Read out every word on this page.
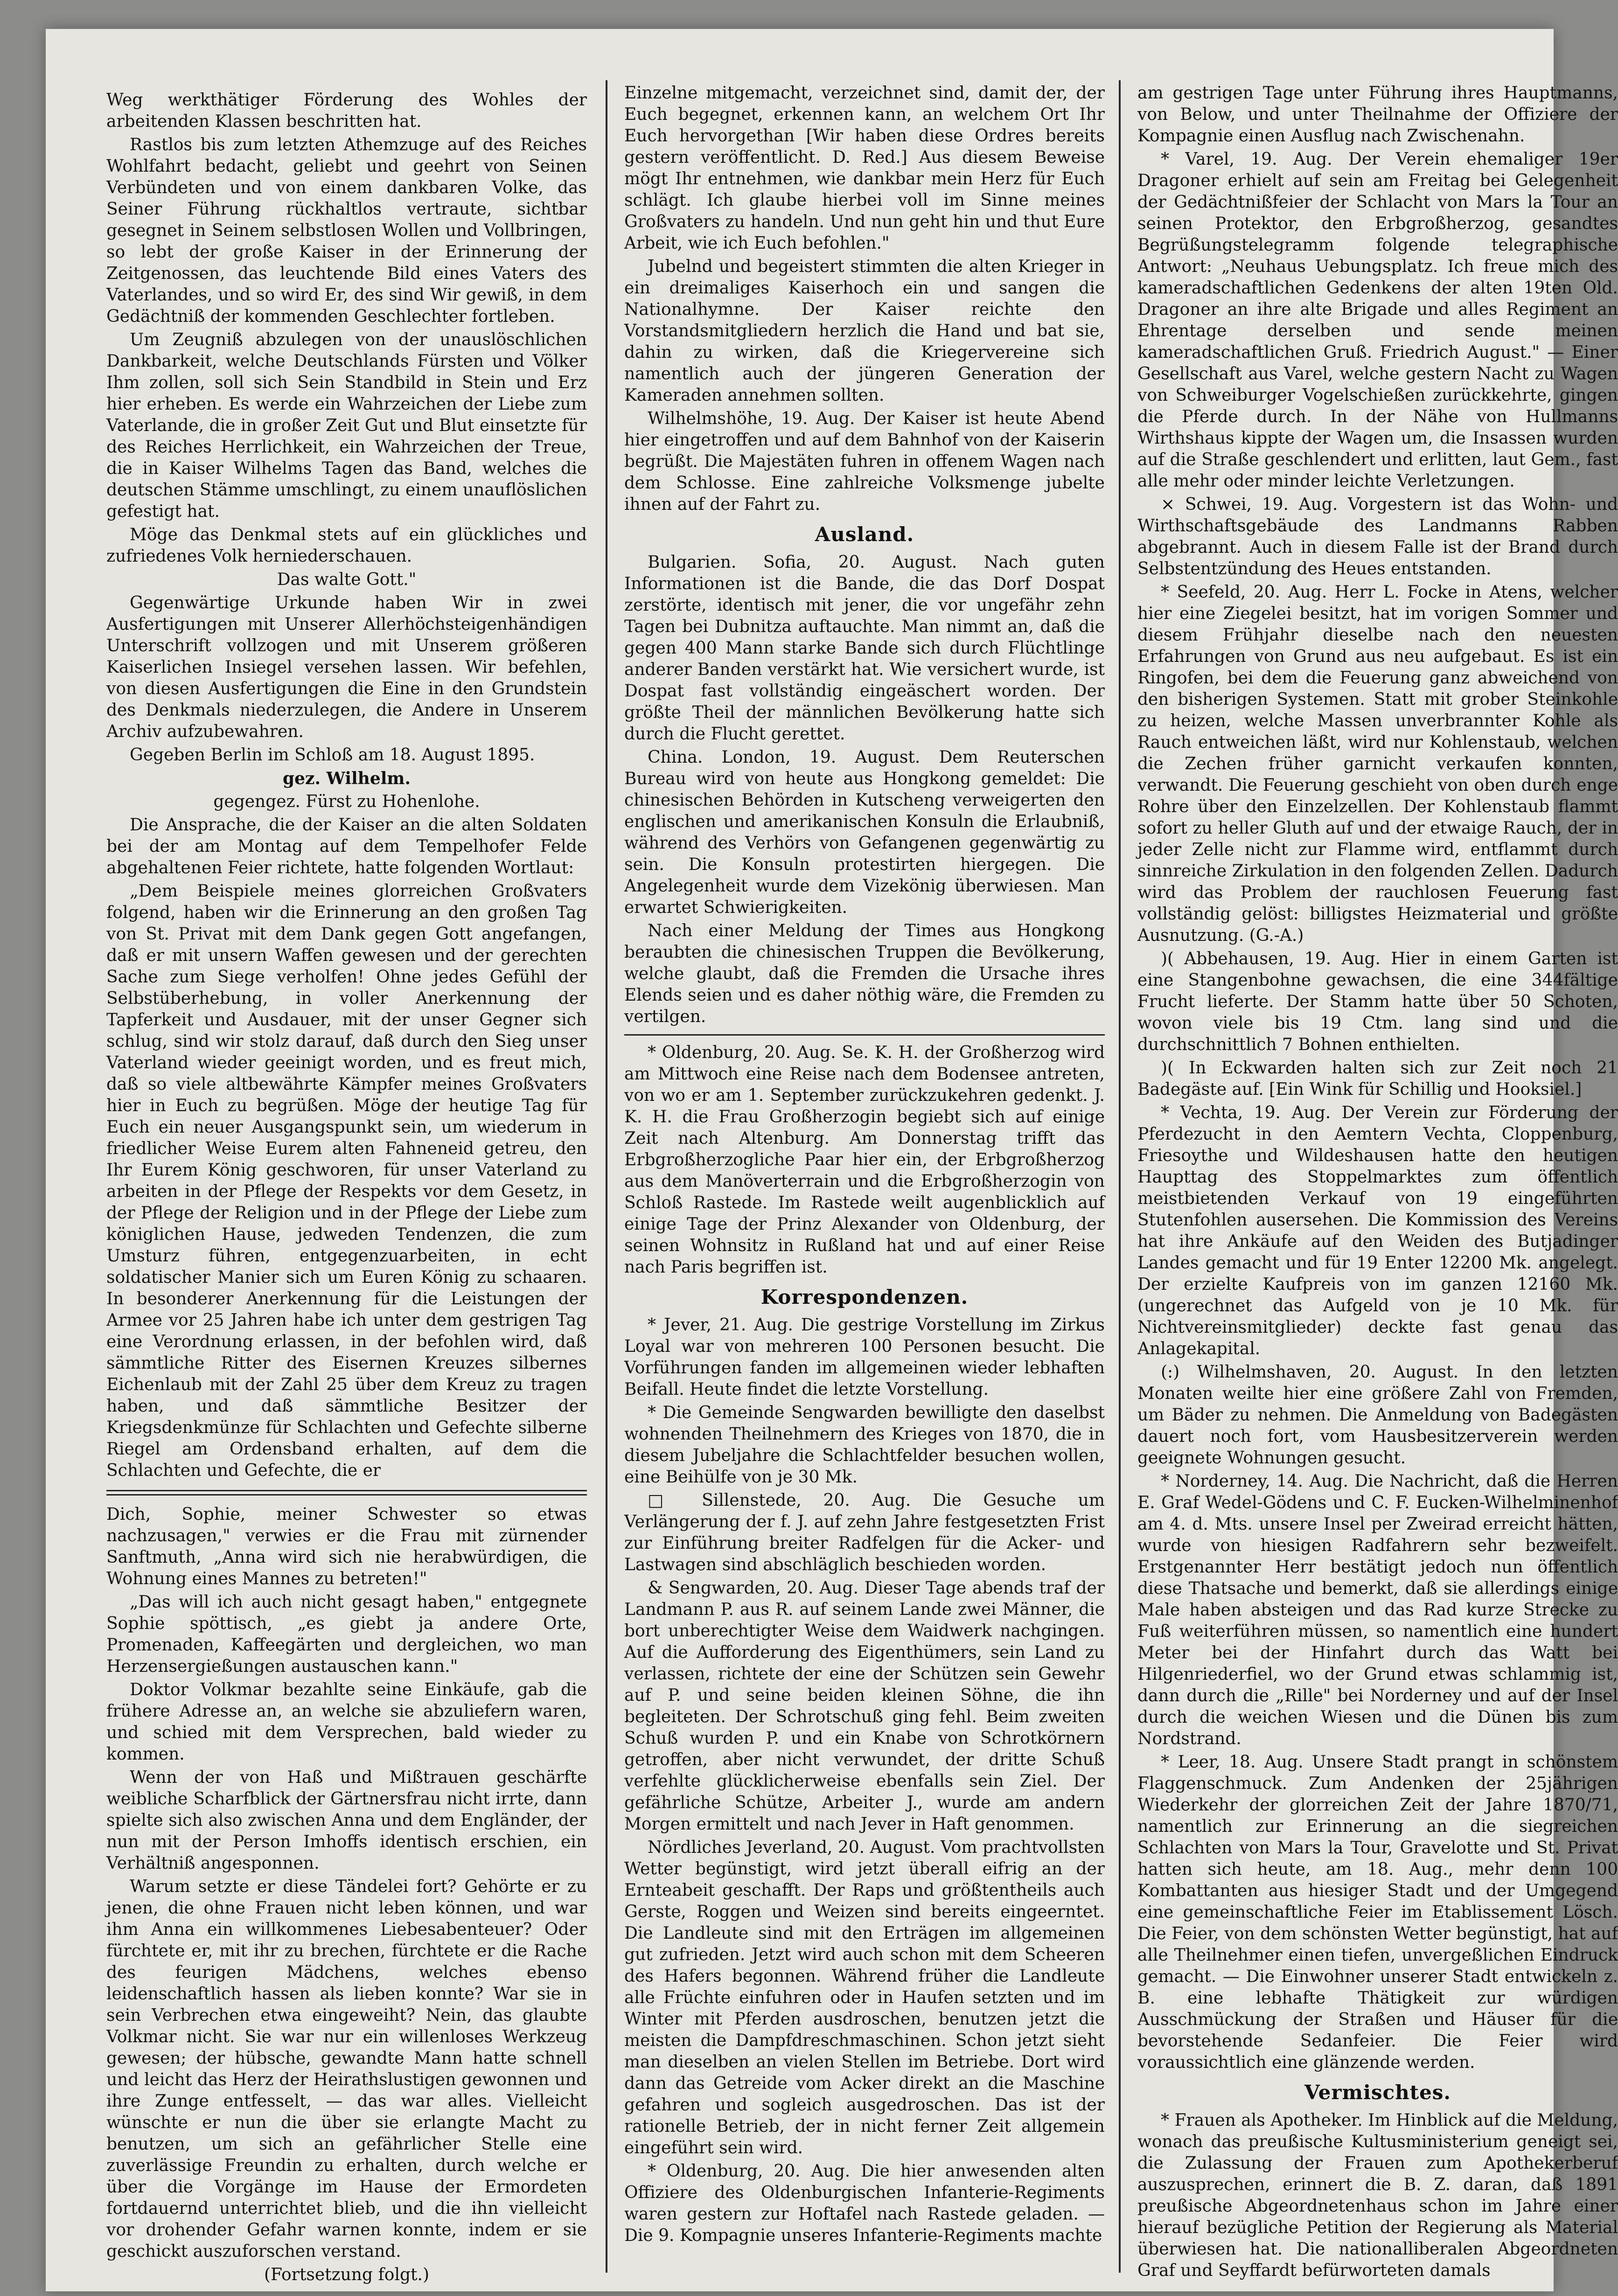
Weg werkthätiger Förderung des Wohles der arbeitenden Klassen beschritten hat.

Rastlos bis zum letzten Athemzuge auf des Reiches Wohlfahrt bedacht, geliebt und geehrt von Seinen Verbündeten und von einem dankbaren Volke, das Seiner Führung rückhaltlos vertraute, sichtbar gesegnet in Seinem selbstlosen Wollen und Vollbringen, so lebt der große Kaiser in der Erinnerung der Zeitgenossen, das leuchtende Bild eines Vaters des Vaterlandes, und so wird Er, des sind Wir gewiß, in dem Gedächtniß der kommenden Geschlechter fortleben.

Um Zeugniß abzulegen von der unauslöschlichen Dankbarkeit, welche Deutschlands Fürsten und Völker Ihm zollen, soll sich Sein Standbild in Stein und Erz hier erheben. Es werde ein Wahrzeichen der Liebe zum Vaterlande, die in großer Zeit Gut und Blut einsetzte für des Reiches Herrlichkeit, ein Wahrzeichen der Treue, die in Kaiser Wilhelms Tagen das Band, welches die deutschen Stämme umschlingt, zu einem unauflöslichen gefestigt hat.

Möge das Denkmal stets auf ein glückliches und zufriedenes Volk herniederschauen.

Das walte Gott."

Gegenwärtige Urkunde haben Wir in zwei Ausfertigungen mit Unserer Allerhöchsteigenhändigen Unterschrift vollzogen und mit Unserem größeren Kaiserlichen Insiegel versehen lassen. Wir befehlen, von diesen Ausfertigungen die Eine in den Grundstein des Denkmals niederzulegen, die Andere in Unserem Archiv aufzubewahren.

Gegeben Berlin im Schloß am 18. August 1895.

gez. Wilhelm.

gegengez. Fürst zu Hohenlohe.

Die Ansprache, die der Kaiser an die alten Soldaten bei der am Montag auf dem Tempelhofer Felde abgehaltenen Feier richtete, hatte folgenden Wortlaut:

„Dem Beispiele meines glorreichen Großvaters folgend, haben wir die Erinnerung an den großen Tag von St. Privat mit dem Dank gegen Gott angefangen, daß er mit unsern Waffen gewesen und der gerechten Sache zum Siege verholfen! Ohne jedes Gefühl der Selbstüberhebung, in voller Anerkennung der Tapferkeit und Ausdauer, mit der unser Gegner sich schlug, sind wir stolz darauf, daß durch den Sieg unser Vaterland wieder geeinigt worden, und es freut mich, daß so viele altbewährte Kämpfer meines Großvaters hier in Euch zu begrüßen. Möge der heutige Tag für Euch ein neuer Ausgangspunkt sein, um wiederum in friedlicher Weise Eurem alten Fahneneid getreu, den Ihr Eurem König geschworen, für unser Vaterland zu arbeiten in der Pflege der Respekts vor dem Gesetz, in der Pflege der Religion und in der Pflege der Liebe zum königlichen Hause, jedweden Tendenzen, die zum Umsturz führen, entgegenzuarbeiten, in echt soldatischer Manier sich um Euren König zu schaaren. In besonderer Anerkennung für die Leistungen der Armee vor 25 Jahren habe ich unter dem gestrigen Tag eine Verordnung erlassen, in der befohlen wird, daß sämmtliche Ritter des Eisernen Kreuzes silbernes Eichenlaub mit der Zahl 25 über dem Kreuz zu tragen haben, und daß sämmtliche Besitzer der Kriegsdenkmünze für Schlachten und Gefechte silberne Riegel am Ordensband erhalten, auf dem die Schlachten und Gefechte, die er

Dich, Sophie, meiner Schwester so etwas nachzusagen," verwies er die Frau mit zürnender Sanftmuth, „Anna wird sich nie herabwürdigen, die Wohnung eines Mannes zu betreten!"

„Das will ich auch nicht gesagt haben," entgegnete Sophie spöttisch, „es giebt ja andere Orte, Promenaden, Kaffeegärten und dergleichen, wo man Herzensergießungen austauschen kann."

Doktor Volkmar bezahlte seine Einkäufe, gab die frühere Adresse an, an welche sie abzuliefern waren, und schied mit dem Versprechen, bald wieder zu kommen.

Wenn der von Haß und Mißtrauen geschärfte weibliche Scharfblick der Gärtnersfrau nicht irrte, dann spielte sich also zwischen Anna und dem Engländer, der nun mit der Person Imhoffs identisch erschien, ein Verhältniß angesponnen.

Warum setzte er diese Tändelei fort? Gehörte er zu jenen, die ohne Frauen nicht leben können, und war ihm Anna ein willkommenes Liebesabenteuer? Oder fürchtete er, mit ihr zu brechen, fürchtete er die Rache des feurigen Mädchens, welches ebenso leidenschaftlich hassen als lieben konnte? War sie in sein Verbrechen etwa eingeweiht? Nein, das glaubte Volkmar nicht. Sie war nur ein willenloses Werkzeug gewesen; der hübsche, gewandte Mann hatte schnell und leicht das Herz der Heirathslustigen gewonnen und ihre Zunge entfesselt, — das war alles. Vielleicht wünschte er nun die über sie erlangte Macht zu benutzen, um sich an gefährlicher Stelle eine zuverlässige Freundin zu erhalten, durch welche er über die Vorgänge im Hause der Ermordeten fortdauernd unterrichtet blieb, und die ihn vielleicht vor drohender Gefahr warnen konnte, indem er sie geschickt auszuforschen verstand.

(Fortsetzung folgt.)

Einzelne mitgemacht, verzeichnet sind, damit der, der Euch begegnet, erkennen kann, an welchem Ort Ihr Euch hervorgethan [Wir haben diese Ordres bereits gestern veröffentlicht. D. Red.] Aus diesem Beweise mögt Ihr entnehmen, wie dankbar mein Herz für Euch schlägt. Ich glaube hierbei voll im Sinne meines Großvaters zu handeln. Und nun geht hin und thut Eure Arbeit, wie ich Euch befohlen."

Jubelnd und begeistert stimmten die alten Krieger in ein dreimaliges Kaiserhoch ein und sangen die Nationalhymne. Der Kaiser reichte den Vorstandsmitgliedern herzlich die Hand und bat sie, dahin zu wirken, daß die Kriegervereine sich namentlich auch der jüngeren Generation der Kameraden annehmen sollten.

Wilhelmshöhe, 19. Aug. Der Kaiser ist heute Abend hier eingetroffen und auf dem Bahnhof von der Kaiserin begrüßt. Die Majestäten fuhren in offenem Wagen nach dem Schlosse. Eine zahlreiche Volksmenge jubelte ihnen auf der Fahrt zu.

Ausland.

Bulgarien. Sofia, 20. August. Nach guten Informationen ist die Bande, die das Dorf Dospat zerstörte, identisch mit jener, die vor ungefähr zehn Tagen bei Dubnitza auftauchte. Man nimmt an, daß die gegen 400 Mann starke Bande sich durch Flüchtlinge anderer Banden verstärkt hat. Wie versichert wurde, ist Dospat fast vollständig eingeäschert worden. Der größte Theil der männlichen Bevölkerung hatte sich durch die Flucht gerettet.

China. London, 19. August. Dem Reuterschen Bureau wird von heute aus Hongkong gemeldet: Die chinesischen Behörden in Kutscheng verweigerten den englischen und amerikanischen Konsuln die Erlaubniß, während des Verhörs von Gefangenen gegenwärtig zu sein. Die Konsuln protestirten hiergegen. Die Angelegenheit wurde dem Vizekönig überwiesen. Man erwartet Schwierigkeiten.

Nach einer Meldung der Times aus Hongkong beraubten die chinesischen Truppen die Bevölkerung, welche glaubt, daß die Fremden die Ursache ihres Elends seien und es daher nöthig wäre, die Fremden zu vertilgen.

* Oldenburg, 20. Aug. Se. K. H. der Großherzog wird am Mittwoch eine Reise nach dem Bodensee antreten, von wo er am 1. September zurückzukehren gedenkt. J. K. H. die Frau Großherzogin begiebt sich auf einige Zeit nach Altenburg. Am Donnerstag trifft das Erbgroßherzogliche Paar hier ein, der Erbgroßherzog aus dem Manöverterrain und die Erbgroßherzogin von Schloß Rastede. Im Rastede weilt augenblicklich auf einige Tage der Prinz Alexander von Oldenburg, der seinen Wohnsitz in Rußland hat und auf einer Reise nach Paris begriffen ist.

Korrespondenzen.

* Jever, 21. Aug. Die gestrige Vorstellung im Zirkus Loyal war von mehreren 100 Personen besucht. Die Vorführungen fanden im allgemeinen wieder lebhaften Beifall. Heute findet die letzte Vorstellung.

* Die Gemeinde Sengwarden bewilligte den daselbst wohnenden Theilnehmern des Krieges von 1870, die in diesem Jubeljahre die Schlachtfelder besuchen wollen, eine Beihülfe von je 30 Mk.

□ Sillenstede, 20. Aug. Die Gesuche um Verlängerung der f. J. auf zehn Jahre festgesetzten Frist zur Einführung breiter Radfelgen für die Acker- und Lastwagen sind abschläglich beschieden worden.

& Sengwarden, 20. Aug. Dieser Tage abends traf der Landmann P. aus R. auf seinem Lande zwei Männer, die bort unberechtigter Weise dem Waidwerk nachgingen. Auf die Aufforderung des Eigenthümers, sein Land zu verlassen, richtete der eine der Schützen sein Gewehr auf P. und seine beiden kleinen Söhne, die ihn begleiteten. Der Schrotschuß ging fehl. Beim zweiten Schuß wurden P. und ein Knabe von Schrotkörnern getroffen, aber nicht verwundet, der dritte Schuß verfehlte glücklicherweise ebenfalls sein Ziel. Der gefährliche Schütze, Arbeiter J., wurde am andern Morgen ermittelt und nach Jever in Haft genommen.

Nördliches Jeverland, 20. August. Vom prachtvollsten Wetter begünstigt, wird jetzt überall eifrig an der Ernteabeit geschafft. Der Raps und größtentheils auch Gerste, Roggen und Weizen sind bereits eingeerntet. Die Landleute sind mit den Erträgen im allgemeinen gut zufrieden. Jetzt wird auch schon mit dem Scheeren des Hafers begonnen. Während früher die Landleute alle Früchte einfuhren oder in Haufen setzten und im Winter mit Pferden ausdroschen, benutzen jetzt die meisten die Dampfdreschmaschinen. Schon jetzt sieht man dieselben an vielen Stellen im Betriebe. Dort wird dann das Getreide vom Acker direkt an die Maschine gefahren und sogleich ausgedroschen. Das ist der rationelle Betrieb, der in nicht ferner Zeit allgemein eingeführt sein wird.

* Oldenburg, 20. Aug. Die hier anwesenden alten Offiziere des Oldenburgischen Infanterie-Regiments waren gestern zur Hoftafel nach Rastede geladen. — Die 9. Kompagnie unseres Infanterie-Regiments machte

am gestrigen Tage unter Führung ihres Hauptmanns, von Below, und unter Theilnahme der Offiziere der Kompagnie einen Ausflug nach Zwischenahn.

* Varel, 19. Aug. Der Verein ehemaliger 19er Dragoner erhielt auf sein am Freitag bei Gelegenheit der Gedächtnißfeier der Schlacht von Mars la Tour an seinen Protektor, den Erbgroßherzog, gesandtes Begrüßungstelegramm folgende telegraphische Antwort: „Neuhaus Uebungsplatz. Ich freue mich des kameradschaftlichen Gedenkens der alten 19ten Old. Dragoner an ihre alte Brigade und alles Regiment an Ehrentage derselben und sende meinen kameradschaftlichen Gruß. Friedrich August." — Einer Gesellschaft aus Varel, welche gestern Nacht zu Wagen von Schweiburger Vogelschießen zurückkehrte, gingen die Pferde durch. In der Nähe von Hullmanns Wirthshaus kippte der Wagen um, die Insassen wurden auf die Straße geschlendert und erlitten, laut Gem., fast alle mehr oder minder leichte Verletzungen.

× Schwei, 19. Aug. Vorgestern ist das Wohn- und Wirthschaftsgebäude des Landmanns Rabben abgebrannt. Auch in diesem Falle ist der Brand durch Selbstentzündung des Heues entstanden.

* Seefeld, 20. Aug. Herr L. Focke in Atens, welcher hier eine Ziegelei besitzt, hat im vorigen Sommer und diesem Frühjahr dieselbe nach den neuesten Erfahrungen von Grund aus neu aufgebaut. Es ist ein Ringofen, bei dem die Feuerung ganz abweichend von den bisherigen Systemen. Statt mit grober Steinkohle zu heizen, welche Massen unverbrannter Kohle als Rauch entweichen läßt, wird nur Kohlenstaub, welchen die Zechen früher garnicht verkaufen konnten, verwandt. Die Feuerung geschieht von oben durch enge Rohre über den Einzelzellen. Der Kohlenstaub flammt sofort zu heller Gluth auf und der etwaige Rauch, der in jeder Zelle nicht zur Flamme wird, entflammt durch sinnreiche Zirkulation in den folgenden Zellen. Dadurch wird das Problem der rauchlosen Feuerung fast vollständig gelöst: billigstes Heizmaterial und größte Ausnutzung. (G.-A.)

)( Abbehausen, 19. Aug. Hier in einem Garten ist eine Stangenbohne gewachsen, die eine 344fältige Frucht lieferte. Der Stamm hatte über 50 Schoten, wovon viele bis 19 Ctm. lang sind und die durchschnittlich 7 Bohnen enthielten.

)( In Eckwarden halten sich zur Zeit noch 21 Badegäste auf. [Ein Wink für Schillig und Hooksiel.]

* Vechta, 19. Aug. Der Verein zur Förderung der Pferdezucht in den Aemtern Vechta, Cloppenburg, Friesoythe und Wildeshausen hatte den heutigen Haupttag des Stoppelmarktes zum öffentlich meistbietenden Verkauf von 19 eingeführten Stutenfohlen ausersehen. Die Kommission des Vereins hat ihre Ankäufe auf den Weiden des Butjadinger Landes gemacht und für 19 Enter 12200 Mk. angelegt. Der erzielte Kaufpreis von im ganzen 12160 Mk. (ungerechnet das Aufgeld von je 10 Mk. für Nichtvereinsmitglieder) deckte fast genau das Anlagekapital.

(:) Wilhelmshaven, 20. August. In den letzten Monaten weilte hier eine größere Zahl von Fremden, um Bäder zu nehmen. Die Anmeldung von Badegästen dauert noch fort, vom Hausbesitzerverein werden geeignete Wohnungen gesucht.

* Norderney, 14. Aug. Die Nachricht, daß die Herren E. Graf Wedel-Gödens und C. F. Eucken-Wilhelminenhof am 4. d. Mts. unsere Insel per Zweirad erreicht hätten, wurde von hiesigen Radfahrern sehr bezweifelt. Erstgenannter Herr bestätigt jedoch nun öffentlich diese Thatsache und bemerkt, daß sie allerdings einige Male haben absteigen und das Rad kurze Strecke zu Fuß weiterführen müssen, so namentlich eine hundert Meter bei der Hinfahrt durch das Watt bei Hilgenriederfiel, wo der Grund etwas schlammig ist, dann durch die „Rille" bei Norderney und auf der Insel durch die weichen Wiesen und die Dünen bis zum Nordstrand.

* Leer, 18. Aug. Unsere Stadt prangt in schönstem Flaggenschmuck. Zum Andenken der 25jährigen Wiederkehr der glorreichen Zeit der Jahre 1870/71, namentlich zur Erinnerung an die siegreichen Schlachten von Mars la Tour, Gravelotte und St. Privat hatten sich heute, am 18. Aug., mehr denn 100 Kombattanten aus hiesiger Stadt und der Umgegend eine gemeinschaftliche Feier im Etablissement Lösch. Die Feier, von dem schönsten Wetter begünstigt, hat auf alle Theilnehmer einen tiefen, unvergeßlichen Eindruck gemacht. — Die Einwohner unserer Stadt entwickeln z. B. eine lebhafte Thätigkeit zur würdigen Ausschmückung der Straßen und Häuser für die bevorstehende Sedanfeier. Die Feier wird voraussichtlich eine glänzende werden.

Vermischtes.

* Frauen als Apotheker. Im Hinblick auf die Meldung, wonach das preußische Kultusministerium geneigt sei, die Zulassung der Frauen zum Apothekerberuf auszusprechen, erinnert die B. Z. daran, daß 1891 preußische Abgeordnetenhaus schon im Jahre einer hierauf bezügliche Petition der Regierung als Material überwiesen hat. Die nationalliberalen Abgeordneten Graf und Seyffardt befürworteten damals
